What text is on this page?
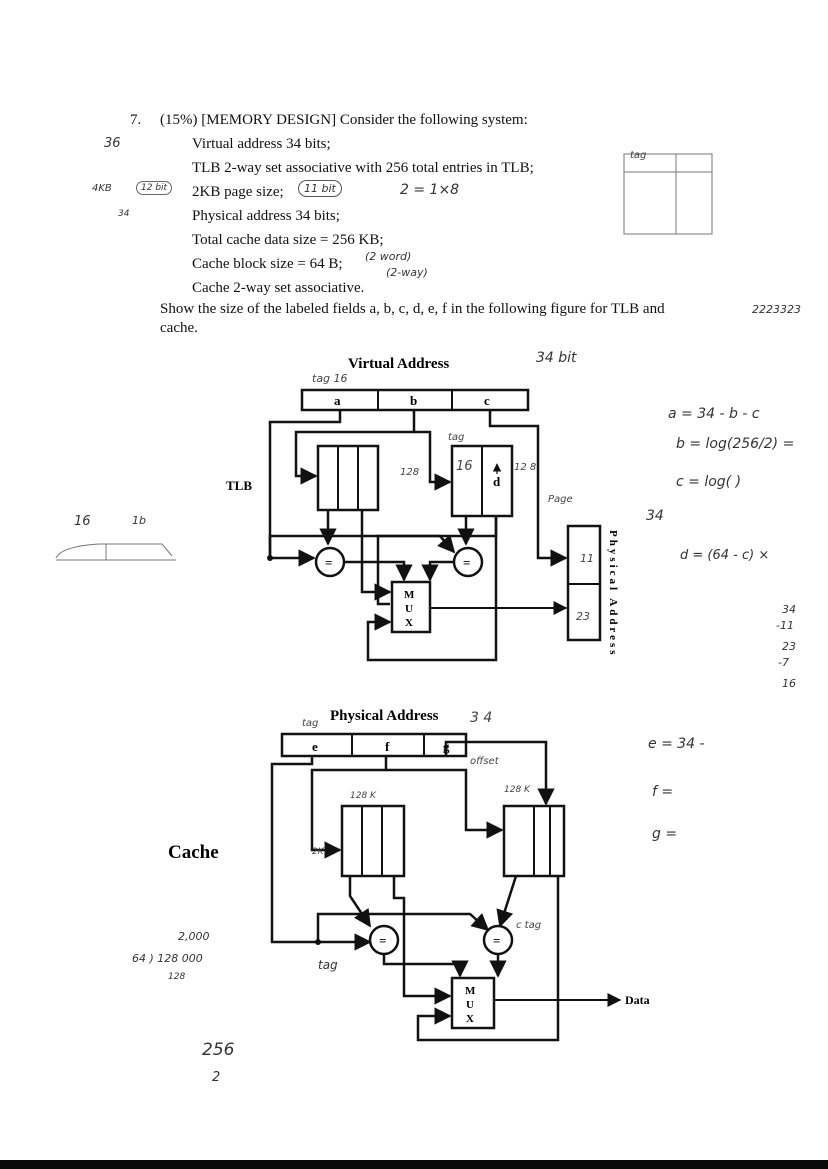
7. (15%) [MEMORY DESIGN] Consider the following system:
Virtual address 34 bits;
TLB 2-way set associative with 256 total entries in TLB;
2KB page size;
Physical address 34 bits;
Total cache data size = 256 KB;
Cache block size = 64 B;
Cache 2-way set associative.
Show the size of the labeled fields a, b, c, d, e, f in the following figure for TLB and
cache.
36
4KB	12 bit
34
11 bit	2 = 1×8
(2 word)
(2-way)
2223323
34 bit
a = 34 - b - c
b = log(256/2) =
c = log( )
34
d = (64 - c) ×
16	1b
34
-11
23
-7
16
e = 34 -
f =
g =
2,000
64 ) 128 000
128
tag
256
2
tag
Virtual Address
a	b	c
TLB	d
=	=
M
U
X
11
23 Physical Address
tag 16
tag
16
128	12 8
Page
Physical Address 3 4
tag
e	f	g
offset
Cache
=	=
M
U
X
Data
128 K
128 K
2K
c tag
